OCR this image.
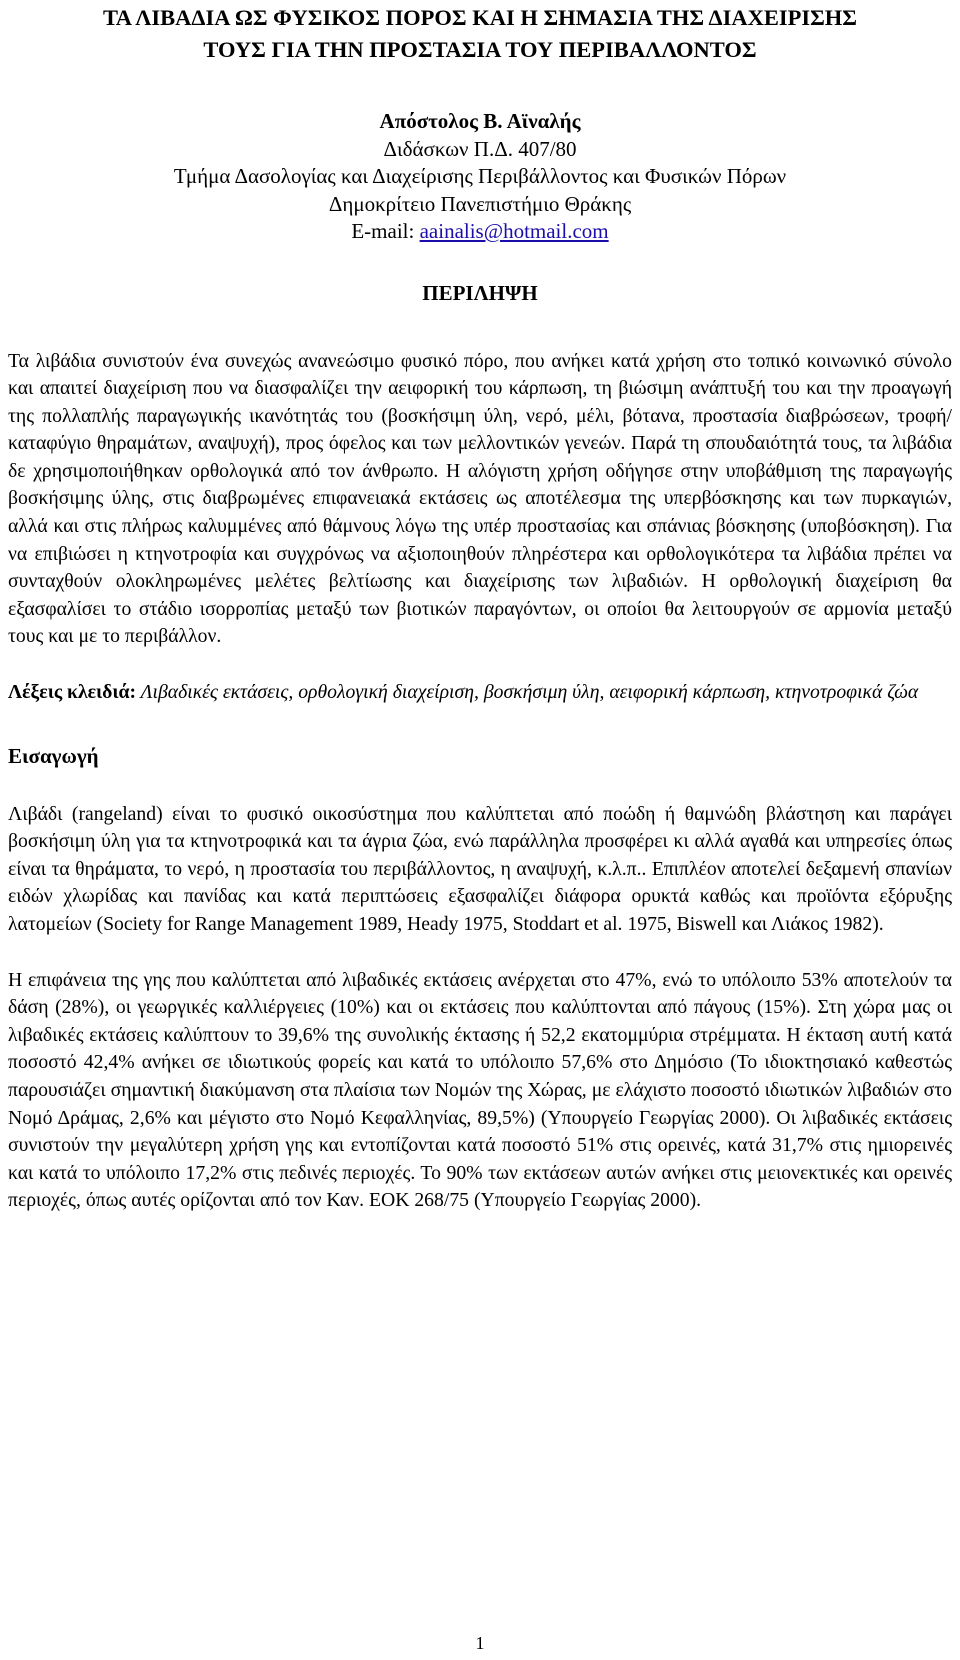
ΤΑ ΛΙΒΑΔΙΑ ΩΣ ΦΥΣΙΚΟΣ ΠΟΡΟΣ ΚΑΙ Η ΣΗΜΑΣΙΑ ΤΗΣ ΔΙΑΧΕΙΡΙΣΗΣ
ΤΟΥΣ ΓΙΑ ΤΗΝ ΠΡΟΣΤΑΣΙΑ ΤΟΥ ΠΕΡΙΒΑΛΛΟΝΤΟΣ
Απόστολος Β. Αϊναλής
Διδάσκων Π.Δ. 407/80
Τμήμα Δασολογίας και Διαχείρισης Περιβάλλοντος και Φυσικών Πόρων
Δημοκρίτειο Πανεπιστήμιο Θράκης
E-mail: aainalis@hotmail.com
ΠΕΡΙΛΗΨΗ

Τα λιβάδια συνιστούν ένα συνεχώς ανανεώσιμο φυσικό πόρο, που ανήκει κατά χρήση στο τοπικό κοινωνικό σύνολο και απαιτεί διαχείριση που να διασφαλίζει την αειφορική του κάρπωση, τη βιώσιμη ανάπτυξή του και την προαγωγή της πολλαπλής παραγωγικής ικανότητάς του (βοσκήσιμη ύλη, νερό, μέλι, βότανα, προστασία διαβρώσεων, τροφή/καταφύγιο θηραμάτων, αναψυχή), προς όφελος και των μελλοντικών γενεών. Παρά τη σπουδαιότητά τους, τα λιβάδια δε χρησιμοποιήθηκαν ορθολογικά από τον άνθρωπο. Η αλόγιστη χρήση οδήγησε στην υποβάθμιση της παραγωγής βοσκήσιμης ύλης, στις διαβρωμένες επιφανειακά εκτάσεις ως αποτέλεσμα της υπερβόσκησης και των πυρκαγιών, αλλά και στις πλήρως καλυμμένες από θάμνους λόγω της υπέρ προστασίας και σπάνιας βόσκησης (υποβόσκηση). Για να επιβιώσει η κτηνοτροφία και συγχρόνως να αξιοποιηθούν πληρέστερα και ορθολογικότερα τα λιβάδια πρέπει να συνταχθούν ολοκληρωμένες μελέτες βελτίωσης και διαχείρισης των λιβαδιών. Η ορθολογική διαχείριση θα εξασφαλίσει το στάδιο ισορροπίας μεταξύ των βιοτικών παραγόντων, οι οποίοι θα λειτουργούν σε αρμονία μεταξύ τους και με το περιβάλλον.

Λέξεις κλειδιά: Λιβαδικές εκτάσεις, ορθολογική διαχείριση, βοσκήσιμη ύλη, αειφορική κάρπωση, κτηνοτροφικά ζώα

Εισαγωγή

Λιβάδι (rangeland) είναι το φυσικό οικοσύστημα που καλύπτεται από ποώδη ή θαμνώδη βλάστηση και παράγει βοσκήσιμη ύλη για τα κτηνοτροφικά και τα άγρια ζώα, ενώ παράλληλα προσφέρει κι αλλά αγαθά και υπηρεσίες όπως είναι τα θηράματα, το νερό, η προστασία του περιβάλλοντος, η αναψυχή, κ.λ.π.. Επιπλέον αποτελεί δεξαμενή σπανίων ειδών χλωρίδας και πανίδας και κατά περιπτώσεις εξασφαλίζει διάφορα ορυκτά καθώς και προϊόντα εξόρυξης λατομείων (Society for Range Management 1989, Heady 1975, Stoddart et al. 1975, Biswell και Λιάκος 1982).

Η επιφάνεια της γης που καλύπτεται από λιβαδικές εκτάσεις ανέρχεται στο 47%, ενώ το υπόλοιπο 53% αποτελούν τα δάση (28%), οι γεωργικές καλλιέργειες (10%) και οι εκτάσεις που καλύπτονται από πάγους (15%). Στη χώρα μας οι λιβαδικές εκτάσεις καλύπτουν το 39,6% της συνολικής έκτασης ή 52,2 εκατομμύρια στρέμματα. Η έκταση αυτή κατά ποσοστό 42,4% ανήκει σε ιδιωτικούς φορείς και κατά το υπόλοιπο 57,6% στο Δημόσιο (Το ιδιοκτησιακό καθεστώς παρουσιάζει σημαντική διακύμανση στα πλαίσια των Νομών της Χώρας, με ελάχιστο ποσοστό ιδιωτικών λιβαδιών στο Νομό Δράμας, 2,6% και μέγιστο στο Νομό Κεφαλληνίας, 89,5%) (Υπουργείο Γεωργίας 2000). Οι λιβαδικές εκτάσεις συνιστούν την μεγαλύτερη χρήση γης και εντοπίζονται κατά ποσοστό 51% στις ορεινές, κατά 31,7% στις ημιορεινές και κατά το υπόλοιπο 17,2% στις πεδινές περιοχές. Το 90% των εκτάσεων αυτών ανήκει στις μειονεκτικές και ορεινές περιοχές, όπως αυτές ορίζονται από τον Καν. ΕΟΚ 268/75 (Υπουργείο Γεωργίας 2000).

1
